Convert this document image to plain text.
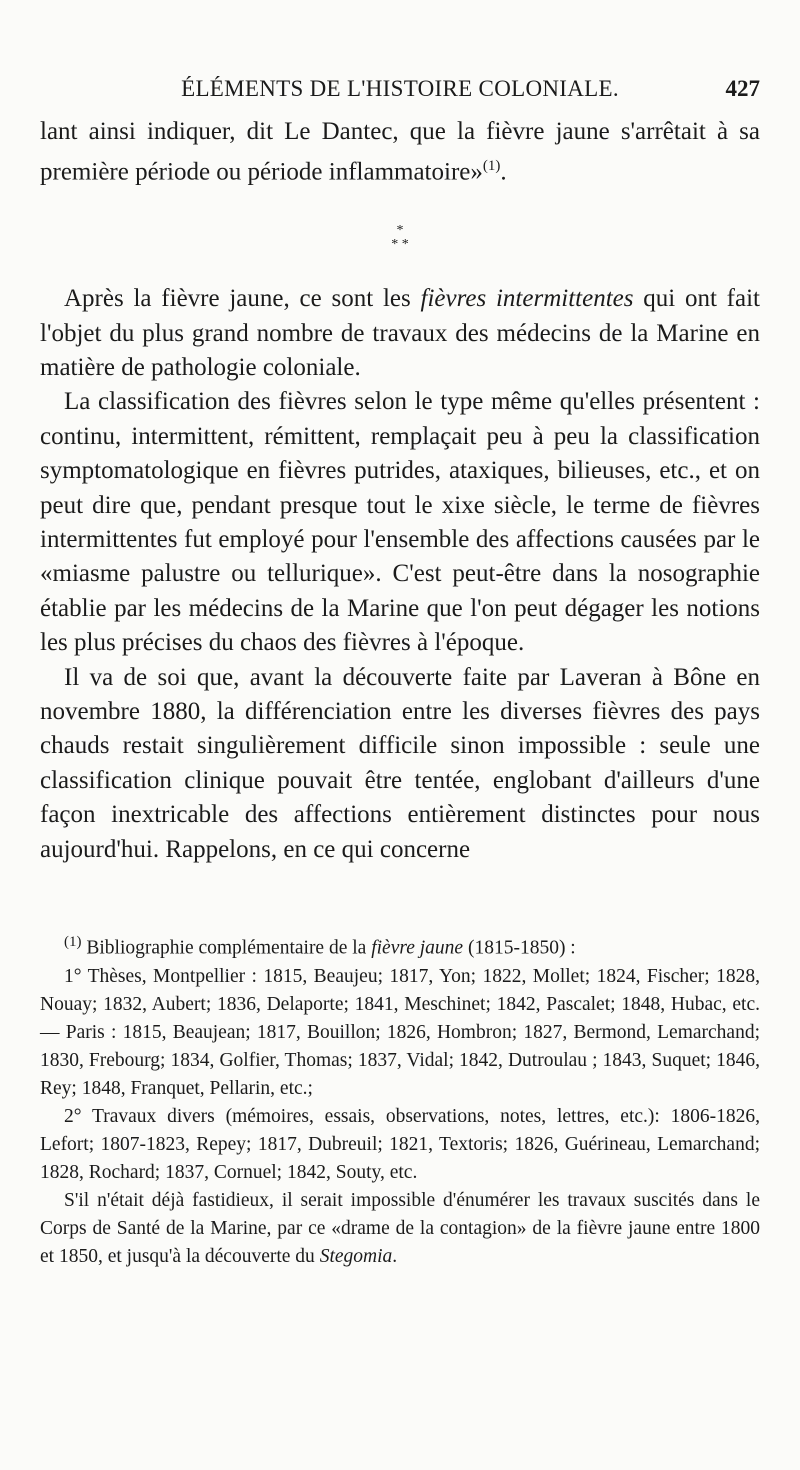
ÉLÉMENTS DE L'HISTOIRE COLONIALE.	427

lant ainsi indiquer, dit Le Dantec, que la fièvre jaune s'arrêtait à sa première période ou période inflammatoire»$^{(1)}$.

*
* *

Après la fièvre jaune, ce sont les fièvres intermittentes qui ont fait l'objet du plus grand nombre de travaux des médecins de la Marine en matière de pathologie coloniale.

La classification des fièvres selon le type même qu'elles présentent : continu, intermittent, rémittent, remplaçait peu à peu la classification symptomatologique en fièvres putrides, ataxiques, bilieuses, etc., et on peut dire que, pendant presque tout le xixe siècle, le terme de fièvres intermittentes fut employé pour l'ensemble des affections causées par le «miasme palustre ou tellurique». C'est peut-être dans la nosographie établie par les médecins de la Marine que l'on peut dégager les notions les plus précises du chaos des fièvres à l'époque.

Il va de soi que, avant la découverte faite par Laveran à Bône en novembre 1880, la différenciation entre les diverses fièvres des pays chauds restait singulièrement difficile sinon impossible : seule une classification clinique pouvait être tentée, englobant d'ailleurs d'une façon inextricable des affections entièrement distinctes pour nous aujourd'hui. Rappelons, en ce qui concerne

$^{(1)}$ Bibliographie complémentaire de la fièvre jaune (1815-1850) :

1° Thèses, Montpellier : 1815, Beaujeu; 1817, Yon; 1822, Mollet; 1824, Fischer; 1828, Nouay; 1832, Aubert; 1836, Delaporte; 1841, Meschinet; 1842, Pascalet; 1848, Hubac, etc. — Paris : 1815, Beaujean; 1817, Bouillon; 1826, Hombron; 1827, Bermond, Lemarchand; 1830, Frebourg; 1834, Golfier, Thomas; 1837, Vidal; 1842, Dutroulau ; 1843, Suquet; 1846, Rey; 1848, Franquet, Pellarin, etc.;

2° Travaux divers (mémoires, essais, observations, notes, lettres, etc.): 1806-1826, Lefort; 1807-1823, Repey; 1817, Dubreuil; 1821, Textoris; 1826, Guérineau, Lemarchand; 1828, Rochard; 1837, Cornuel; 1842, Souty, etc.

S'il n'était déjà fastidieux, il serait impossible d'énumérer les travaux suscités dans le Corps de Santé de la Marine, par ce «drame de la contagion» de la fièvre jaune entre 1800 et 1850, et jusqu'à la découverte du Stegomia.
